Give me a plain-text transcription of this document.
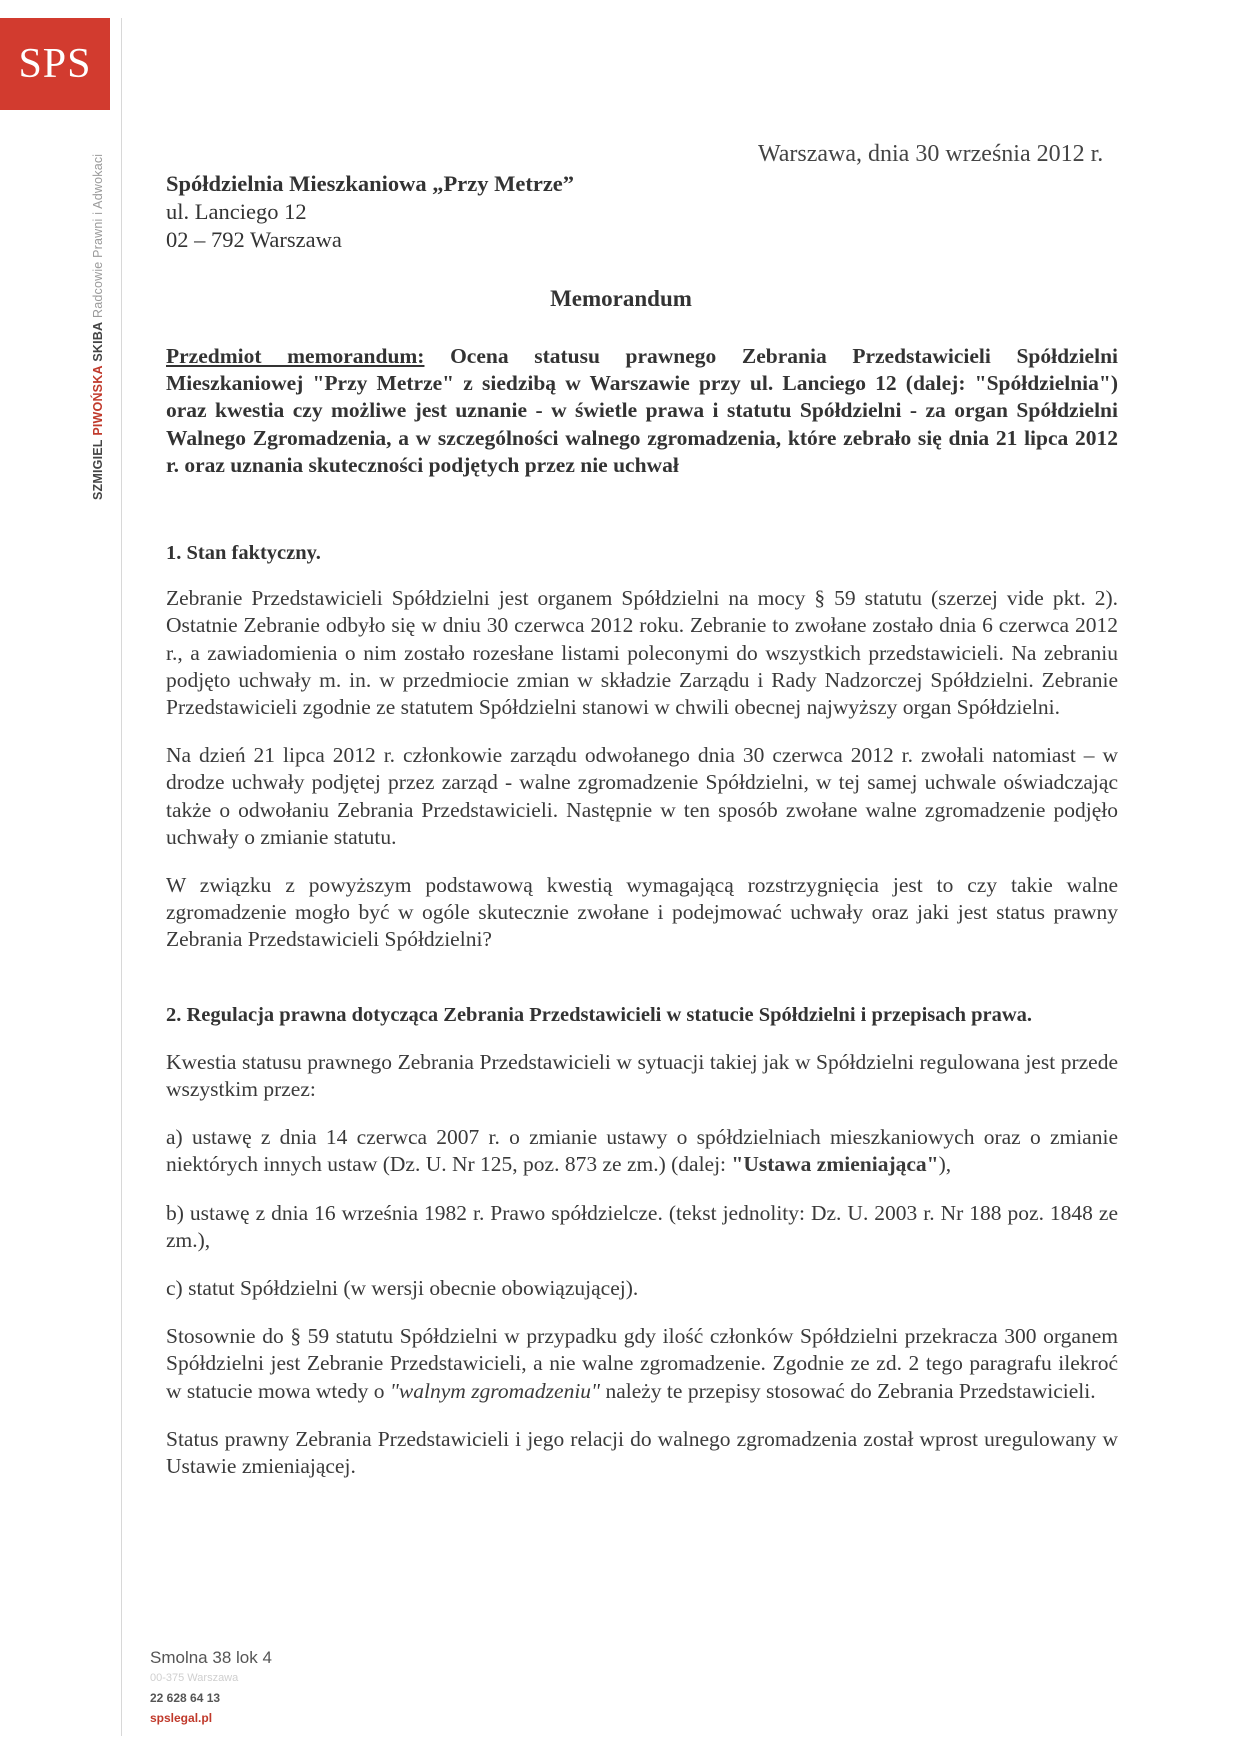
SPS
SZMIGIEL PIWOŃSKA SKIBA Radcowie Prawni i Adwokaci	Warszawa, dnia 30 września 2012 r.
Spółdzielnia Mieszkaniowa „Przy Metrze”
ul. Lanciego 12
02 – 792 Warszawa
Memorandum

Przedmiot memorandum: Ocena statusu prawnego Zebrania Przedstawicieli Spółdzielni Mieszkaniowej "Przy Metrze" z siedzibą w Warszawie przy ul. Lanciego 12 (dalej: "Spółdzielnia") oraz kwestia czy możliwe jest uznanie - w świetle prawa i statutu Spółdzielni - za organ Spółdzielni Walnego Zgromadzenia, a w szczególności walnego zgromadzenia, które zebrało się dnia 21 lipca 2012 r. oraz uznania skuteczności podjętych przez nie uchwał

1. Stan faktyczny.

Zebranie Przedstawicieli Spółdzielni jest organem Spółdzielni na mocy § 59 statutu (szerzej vide pkt. 2). Ostatnie Zebranie odbyło się w dniu 30 czerwca 2012 roku. Zebranie to zwołane zostało dnia 6 czerwca 2012 r., a zawiadomienia o nim zostało rozesłane listami poleconymi do wszystkich przedstawicieli. Na zebraniu podjęto uchwały m. in. w przedmiocie zmian w składzie Zarządu i Rady Nadzorczej Spółdzielni. Zebranie Przedstawicieli zgodnie ze statutem Spółdzielni stanowi w chwili obecnej najwyższy organ Spółdzielni.

Na dzień 21 lipca 2012 r. członkowie zarządu odwołanego dnia 30 czerwca 2012 r. zwołali natomiast – w drodze uchwały podjętej przez zarząd - walne zgromadzenie Spółdzielni, w tej samej uchwale oświadczając także o odwołaniu Zebrania Przedstawicieli. Następnie w ten sposób zwołane walne zgromadzenie podjęło uchwały o zmianie statutu.

W związku z powyższym podstawową kwestią wymagającą rozstrzygnięcia jest to czy takie walne zgromadzenie mogło być w ogóle skutecznie zwołane i podejmować uchwały oraz jaki jest status prawny Zebrania Przedstawicieli Spółdzielni?

2. Regulacja prawna dotycząca Zebrania Przedstawicieli w statucie Spółdzielni i przepisach prawa.

Kwestia statusu prawnego Zebrania Przedstawicieli w sytuacji takiej jak w Spółdzielni regulowana jest przede wszystkim przez:

a) ustawę z dnia 14 czerwca 2007 r. o zmianie ustawy o spółdzielniach mieszkaniowych oraz o zmianie niektórych innych ustaw (Dz. U. Nr 125, poz. 873 ze zm.) (dalej: "Ustawa zmieniająca"),

b) ustawę z dnia 16 września 1982 r. Prawo spółdzielcze. (tekst jednolity: Dz. U. 2003 r. Nr 188 poz. 1848 ze zm.),

c) statut Spółdzielni (w wersji obecnie obowiązującej).

Stosownie do § 59 statutu Spółdzielni w przypadku gdy ilość członków Spółdzielni przekracza 300 organem Spółdzielni jest Zebranie Przedstawicieli, a nie walne zgromadzenie. Zgodnie ze zd. 2 tego paragrafu ilekroć w statucie mowa wtedy o "walnym zgromadzeniu" należy te przepisy stosować do Zebrania Przedstawicieli.

Status prawny Zebrania Przedstawicieli i jego relacji do walnego zgromadzenia został wprost uregulowany w Ustawie zmieniającej.

Smolna 38 lok 4
00-375 Warszawa
22 628 64 13
spslegal.pl
